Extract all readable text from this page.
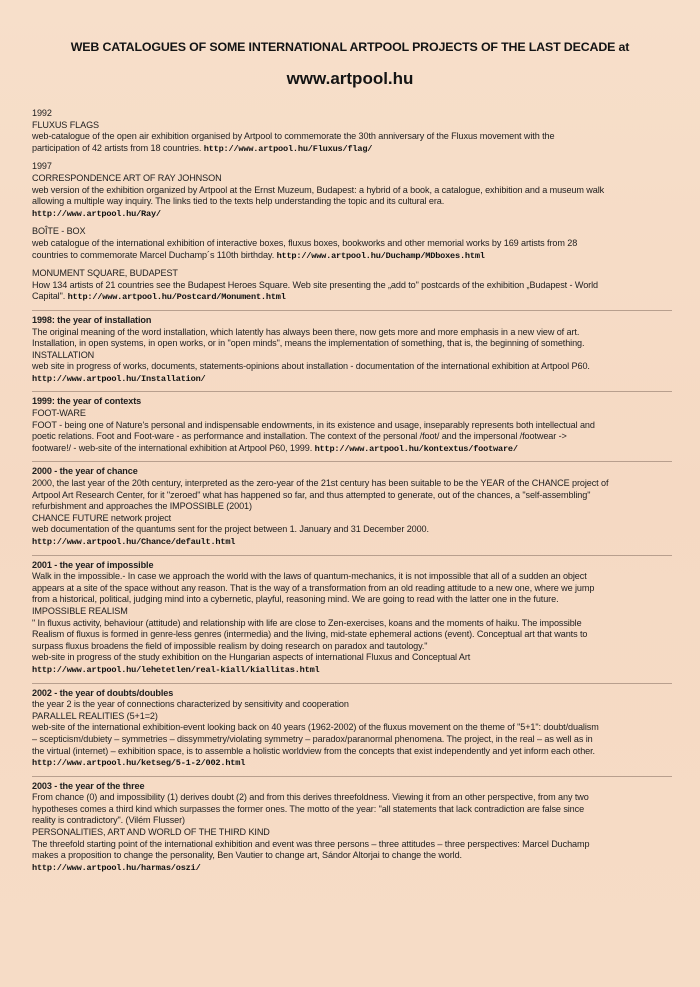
WEB CATALOGUES OF SOME INTERNATIONAL ARTPOOL PROJECTS OF THE LAST DECADE at
www.artpool.hu
1992
FLUXUS FLAGS
web-catalogue of the open air exhibition organised by Artpool to commemorate the 30th anniversary of the Fluxus movement with the
participation of 42 artists from 18 countries. http://www.artpool.hu/Fluxus/flag/
1997
CORRESPONDENCE ART OF RAY JOHNSON
web version of the exhibition organized by Artpool at the Ernst Muzeum, Budapest: a hybrid of a book, a catalogue, exhibition and a museum walk
allowing a multiple way inquiry. The links tied to the texts help understanding the topic and its cultural era.
http://www.artpool.hu/Ray/
BOÎTE - BOX
web catalogue of the international exhibition of interactive boxes, fluxus boxes, bookworks and other memorial works by 169 artists from 28
countries to commemorate Marcel Duchamp´s 110th birthday. http://www.artpool.hu/Duchamp/MDboxes.html
MONUMENT SQUARE, BUDAPEST
How 134 artists of 21 countries see the Budapest Heroes Square. Web site presenting the „add to" postcards of the exhibition „Budapest - World
Capital". http://www.artpool.hu/Postcard/Monument.html
1998: the year of installation
The original meaning of the word installation, which latently has always been there, now gets more and more emphasis in a new view of art.
Installation, in open systems, in open works, or in "open minds", means the implementation of something, that is, the beginning of something.
INSTALLATION
web site in progress of works, documents, statements-opinions about installation - documentation of the international exhibition at Artpool P60.
http://www.artpool.hu/Installation/
1999: the year of contexts
FOOT-WARE
FOOT - being one of Nature's personal and indispensable endowments, in its existence and usage, inseparably represents both intellectual and
poetic relations. Foot and Foot-ware - as performance and installation. The context of the personal /foot/ and the impersonal /footwear ->
footware!/ - web-site of the international exhibition at Artpool P60, 1999. http://www.artpool.hu/kontextus/footware/
2000 - the year of chance
2000, the last year of the 20th century, interpreted as the zero-year of the 21st century has been suitable to be the YEAR of the CHANCE project of
Artpool Art Research Center, for it "zeroed" what has happened so far, and thus attempted to generate, out of the chances, a "self-assembling"
refurbishment and approaches the IMPOSSIBLE (2001)
CHANCE FUTURE network project
web documentation of the quantums sent for the project between 1. January and 31 December 2000.
http://www.artpool.hu/Chance/default.html
2001 - the year of impossible
Walk in the impossible.- In case we approach the world with the laws of quantum-mechanics, it is not impossible that all of a sudden an object
appears at a site of the space without any reason. That is the way of a transformation from an old reading attitude to a new one, where we jump
from a historical, political, judging mind into a cybernetic, playful, reasoning mind. We are going to read with the latter one in the future.
IMPOSSIBLE REALISM
" In fluxus activity, behaviour (attitude) and relationship with life are close to Zen-exercises, koans and the moments of haiku. The impossible
Realism of fluxus is formed in genre-less genres (intermedia) and the living, mid-state ephemeral actions (event). Conceptual art that wants to
surpass fluxus broadens the field of impossible realism by doing research on paradox and tautology."
web-site in progress of the study exhibition on the Hungarian aspects of international Fluxus and Conceptual Art
http://www.artpool.hu/lehetetlen/real-kiall/kiallitas.html
2002 - the year of doubts/doubles
the year 2 is the year of connections characterized by sensitivity and cooperation
PARALLEL REALITIES (5+1=2)
web-site of the international exhibition-event looking back on 40 years (1962-2002) of the fluxus movement on the theme of "5+1": doubt/dualism
– scepticism/dubiety – symmetries – dissymmetry/violating symmetry – paradox/paranormal phenomena. The project, in the real – as well as in
the virtual (internet) – exhibition space, is to assemble a holistic worldview from the concepts that exist independently and yet inform each other.
http://www.artpool.hu/ketseg/5-1-2/002.html
2003 - the year of the three
From chance (0) and impossibility (1) derives doubt (2) and from this derives threefoldness. Viewing it from an other perspective, from any two
hypotheses comes a third kind which surpasses the former ones. The motto of the year: "all statements that lack contradiction are false since
reality is contradictory". (Vilém Flusser)
PERSONALITIES, ART AND WORLD OF THE THIRD KIND
The threefold starting point of the international exhibition and event was three persons – three attitudes – three perspectives: Marcel Duchamp
makes a proposition to change the personality, Ben Vautier to change art, Sándor Altorjai to change the world.
http://www.artpool.hu/harmas/oszi/
